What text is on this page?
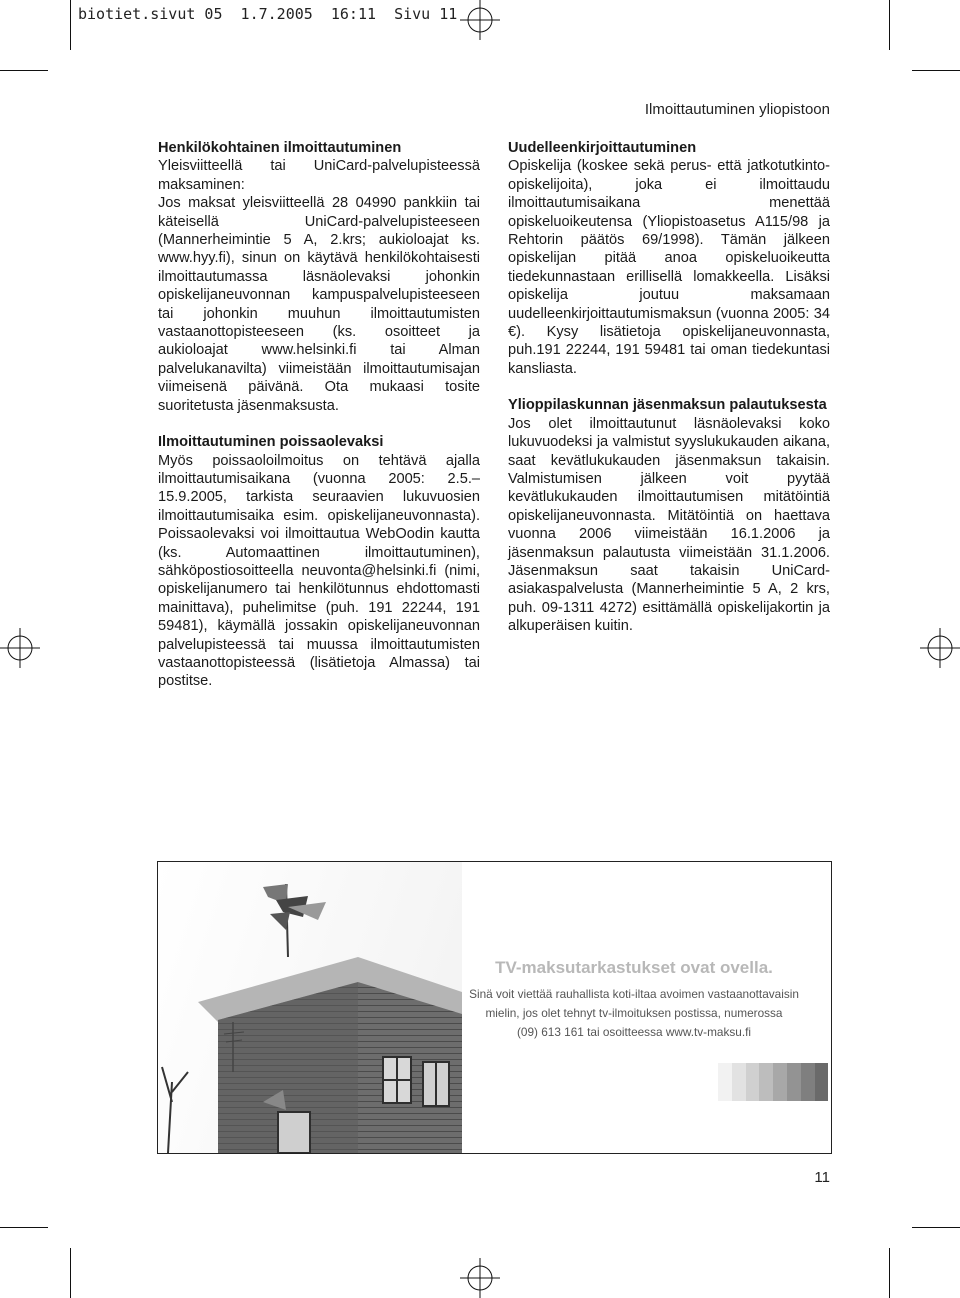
biotiet.sivut 05  1.7.2005  16:11  Sivu 11
Ilmoittautuminen yliopistoon
Henkilökohtainen ilmoittautuminen

Yleisviitteellä tai UniCard-palvelupisteessä maksaminen:

Jos maksat yleisviitteellä 28 04990 pankkiin tai käteisellä UniCard-palvelupisteeseen (Mannerheimintie 5 A, 2.krs; aukioloajat ks. www.hyy.fi), sinun on käytävä henkilökohtaisesti ilmoittautumassa läsnäolevaksi johonkin opiskelijaneuvonnan kampuspalvelupisteeseen tai johonkin muuhun ilmoittautumisten vastaanottopisteeseen (ks. osoitteet ja aukioloajat www.helsinki.fi tai Alman palvelukanavilta) viimeistään ilmoittautumisajan viimeisenä päivänä. Ota mukaasi tosite suoritetusta jäsenmaksusta.

Ilmoittautuminen poissaolevaksi

Myös poissaoloilmoitus on tehtävä ajalla ilmoittautumisaikana (vuonna 2005: 2.5.–15.9.2005, tarkista seuraavien lukuvuosien ilmoittautumisaika esim. opiskelijaneuvonnasta). Poissaolevaksi voi ilmoittautua WebOodin kautta (ks. Automaattinen ilmoittautuminen), sähköpostiosoitteella neuvonta@helsinki.fi (nimi, opiskelijanumero tai henkilötunnus ehdottomasti mainittava), puhelimitse (puh. 191 22244, 191 59481), käymällä jossakin opiskelijaneuvonnan palvelupisteessä tai muussa ilmoittautumisten vastaanottopisteessä (lisätietoja Almassa) tai postitse.

Uudelleenkirjoittautuminen

Opiskelija (koskee sekä perus- että jatkotutkinto-opiskelijoita), joka ei ilmoittaudu ilmoittautumisaikana menettää opiskeluoikeutensa (Yliopistoasetus A115/98 ja Rehtorin päätös 69/1998). Tämän jälkeen opiskelijan pitää anoa opiskeluoikeutta tiedekunnastaan erillisellä lomakkeella. Lisäksi opiskelija joutuu maksamaan uudelleenkirjoittautumismaksun (vuonna 2005: 34 €). Kysy lisätietoja opiskelijaneuvonnasta, puh.191 22244, 191 59481 tai oman tiedekuntasi kansliasta.

Ylioppilaskunnan jäsenmaksun palautuksesta

Jos olet ilmoittautunut läsnäolevaksi koko lukuvuodeksi ja valmistut syyslukukauden aikana, saat kevätlukukauden jäsenmaksun takaisin. Valmistumisen jälkeen voit pyytää kevätlukukauden ilmoittautumisen mitätöintiä opiskelijaneuvonnasta. Mitätöintiä on haettava vuonna 2006 viimeistään 16.1.2006 ja jäsenmaksun palautusta viimeistään 31.1.2006. Jäsenmaksun saat takaisin UniCard-asiakaspalvelusta (Mannerheimintie 5 A, 2 krs, puh. 09-1311 4272) esittämällä opiskelijakortin ja alkuperäisen kuitin.

TV-maksutarkastukset ovat ovella.

Sinä voit viettää rauhallista koti-iltaa avoimen vastaanottavaisin

mielin, jos olet tehnyt tv-ilmoituksen postissa, numerossa

(09) 613 161 tai osoitteessa www.tv-maksu.fi

11
